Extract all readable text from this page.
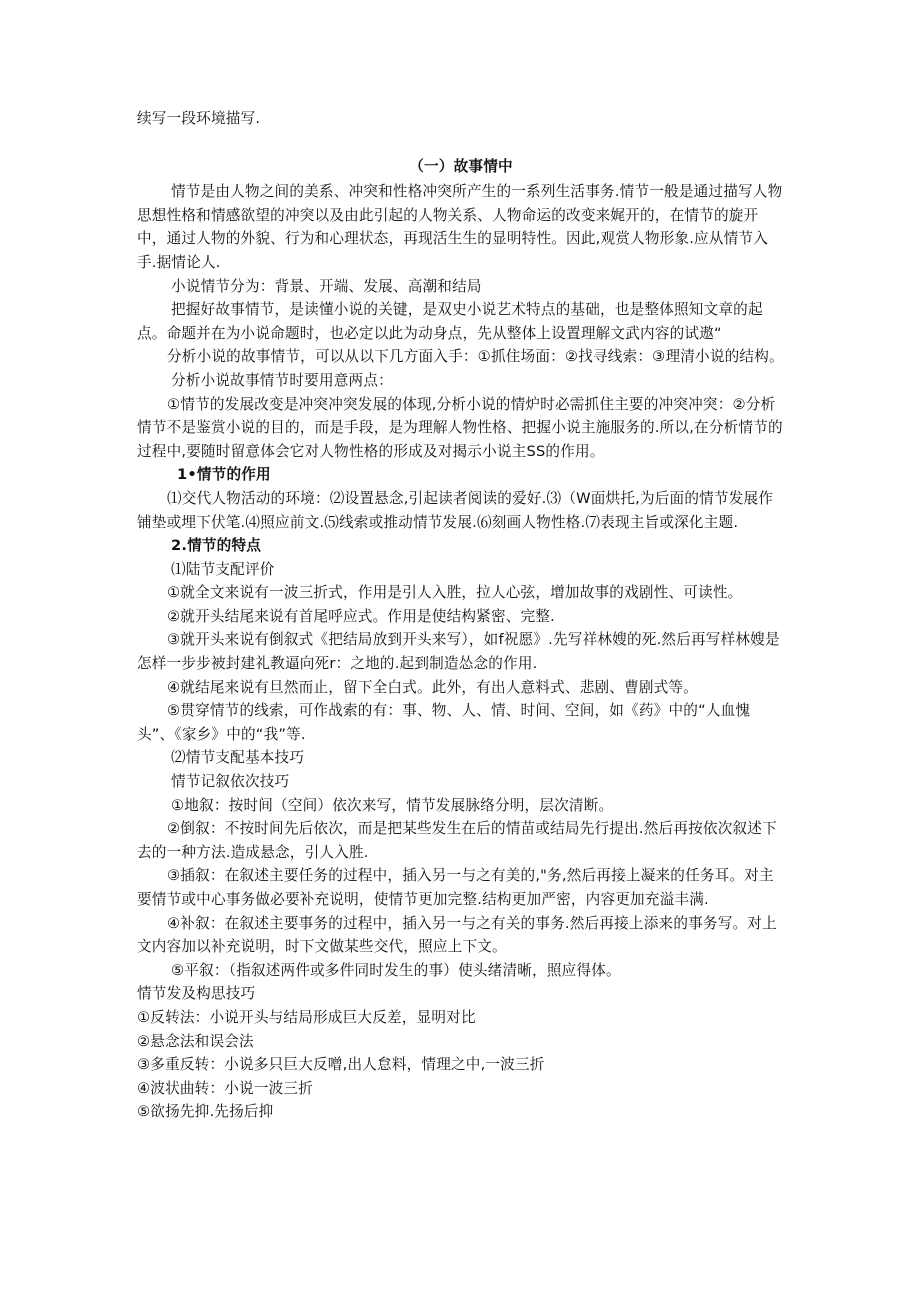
续写一段环境描写.

（一）故事情中

情节是由人物之间的美系、冲突和性格冲突所产生的一系列生活事务.情节一般是通过描写人物思想性格和情感欲望的冲突以及由此引起的人物关系、人物命运的改变来娓开的，在情节的旋开中，通过人物的外貌、行为和心理状态，再现活生生的显明特性。因此,观赏人物形象.应从情节入手.据情论人.

小说情节分为：背景、开端、发展、高潮和结局

把握好故事情节，是读懂小说的关键，是双史小说艺术特点的基础，也是整体照知文章的起点。命题并在为小说命题时，也必定以此为动身点，先从整体上设置理解文武内容的试遨“

分析小说的故事情节，可以从以下几方面入手：①抓住场面：②找寻线索：③理清小说的结构。

分析小说故事情节时要用意两点：

①情节的发展改变是冲突冲突发展的体现,分析小说的情炉时必需抓住主要的冲突冲突：②分析情节不是鉴赏小说的目的，而是手段，是为理解人物性格、把握小说主施服务的.所以,在分析情节的过程中,要随时留意体会它对人物性格的形成及对揭示小说主SS的作用。

1•情节的作用

⑴交代人物活动的环境：⑵设置悬念,引起读者阅读的爱好.⑶（W面烘托,为后面的情节发展作铺垫或埋下伏笔.⑷照应前文.⑸线索或推动情节发展.⑹刻画人物性格.⑺表现主旨或深化主题.

2.情节的特点

⑴陆节支配评价

①就全文来说有一波三折式，作用是引人入胜，拉人心弦，增加故事的戏剧性、可读性。

②就开头结尾来说有首尾呼应式。作用是使结构紧密、完整.

③就开头来说有倒叙式《把结局放到开头来写），如f祝愿》.先写祥林嫂的死.然后再写样林嫂是怎样一步步被封建礼教逼向死r：之地的.起到制造怂念的作用.

④就结尾来说有旦然而止，留下全白式。此外，有出人意料式、悲剧、曹剧式等。

⑤贯穿情节的线索，可作战索的有：事、物、人、情、时间、空间，如《药》中的“人血愧头”、《家乡》中的“我”等.

⑵情节支配基本技巧

情节记叙依次技巧

①地叙：按时间（空间）依次来写，情节发展脉络分明，层次清断。

②倒叙：不按时间先后依次，而是把某些发生在后的情苗或结局先行提出.然后再按依次叙述下去的一种方法.造成悬念，引人入胜.

③插叙：在叙述主要任务的过程中，插入另一与之有美的,"务,然后再接上凝来的任务耳。对主要情节或中心事务做必要补充说明，使情节更加完整.结构更加严密，内容更加充溢丰满.

④补叙：在叙述主要事务的过程中，插入另一与之有关的事务.然后再接上添来的事务写。对上文内容加以补充说明，时下文做某些交代，照应上下文。

⑤平叙：（指叙述两件或多件同时发生的事）使头绪清晰，照应得体。

情节发及构思技巧

①反转法：小说开头与结局形成巨大反差，显明对比

②悬念法和误会法

③多重反转：小说多只巨大反噌,出人怠料，情理之中,一波三折

④波状曲转：小说一波三折

⑤欲扬先抑.先扬后抑
